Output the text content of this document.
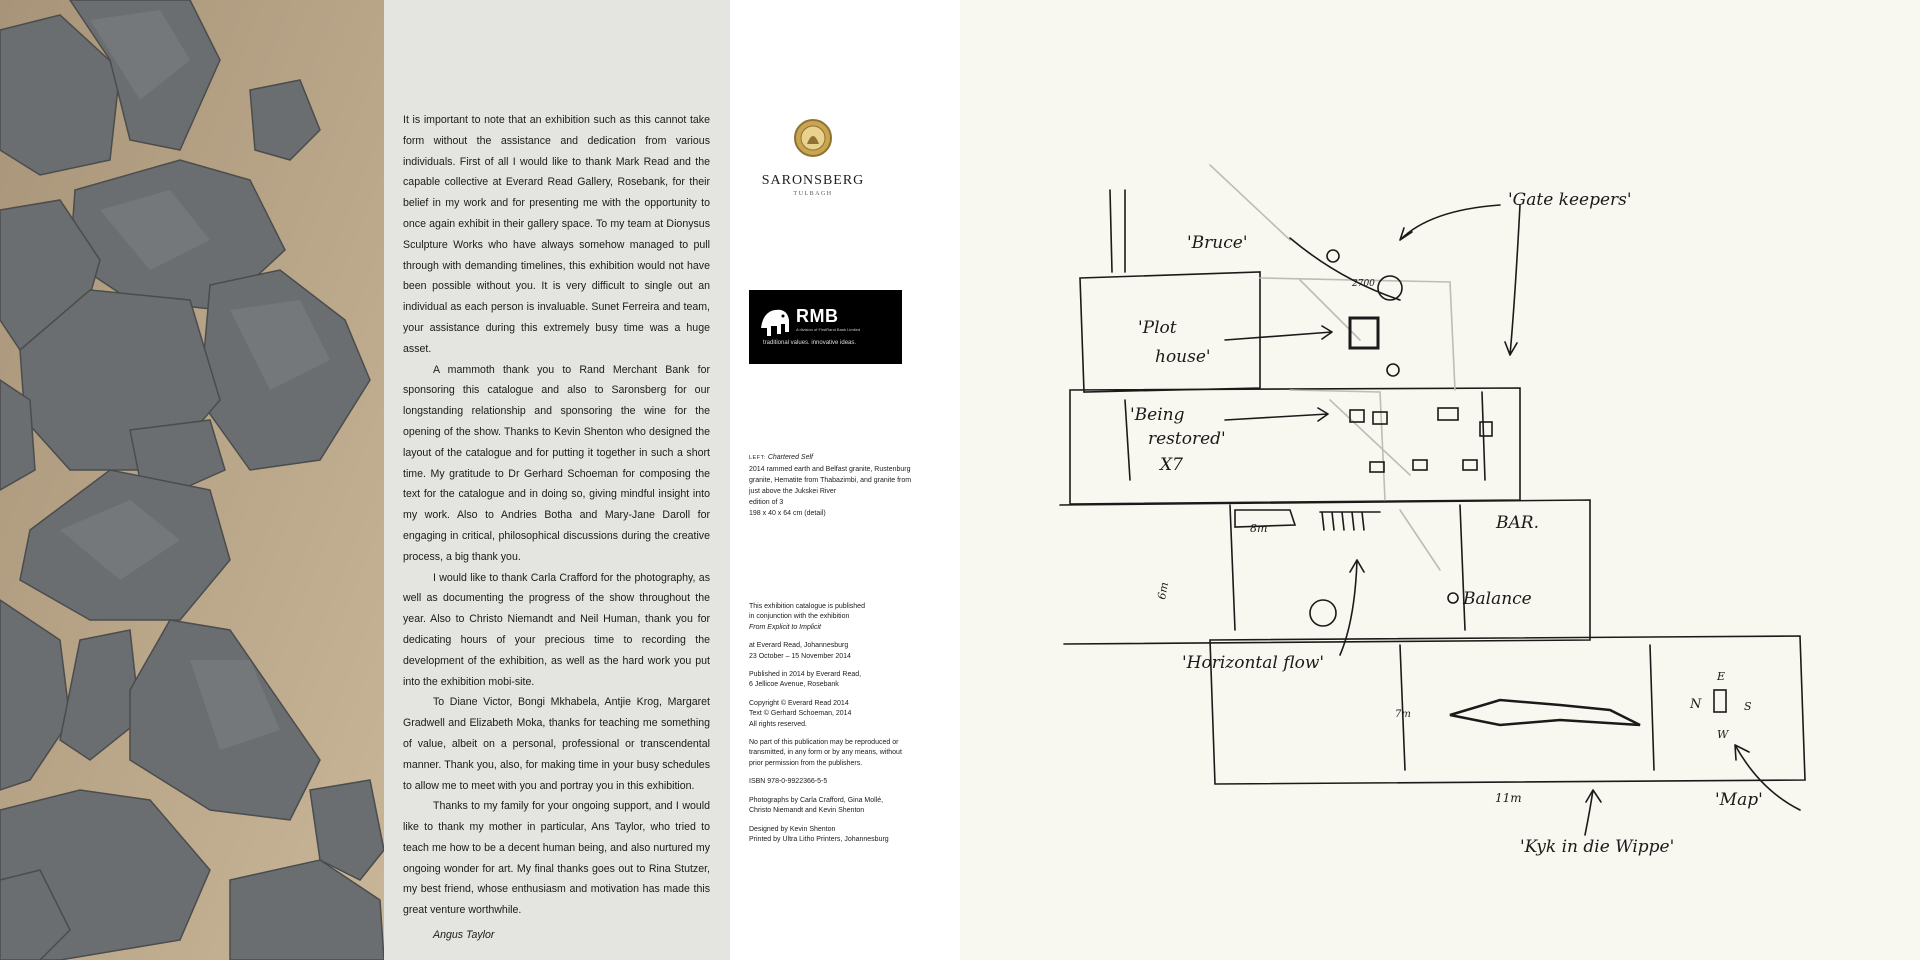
It is important to note that an exhibition such as this cannot take form without the assistance and dedication from various individuals. First of all I would like to thank Mark Read and the capable collective at Everard Read Gallery, Rosebank, for their belief in my work and for presenting me with the opportunity to once again exhibit in their gallery space. To my team at Dionysus Sculpture Works who have always somehow managed to pull through with demanding timelines, this exhibition would not have been possible without you. It is very difficult to single out an individual as each person is invaluable. Sunet Ferreira and team, your assistance during this extremely busy time was a huge asset.

A mammoth thank you to Rand Merchant Bank for sponsoring this catalogue and also to Saronsberg for our longstanding relationship and sponsoring the wine for the opening of the show. Thanks to Kevin Shenton who designed the layout of the catalogue and for putting it together in such a short time. My gratitude to Dr Gerhard Schoeman for composing the text for the catalogue and in doing so, giving mindful insight into my work. Also to Andries Botha and Mary-Jane Daroll for engaging in critical, philosophical discussions during the creative process, a big thank you.

I would like to thank Carla Crafford for the photography, as well as documenting the progress of the show throughout the year. Also to Christo Niemandt and Neil Human, thank you for dedicating hours of your precious time to recording the development of the exhibition, as well as the hard work you put into the exhibition mobi-site.

To Diane Victor, Bongi Mkhabela, Antjie Krog, Margaret Gradwell and Elizabeth Moka, thanks for teaching me something of value, albeit on a personal, professional or transcendental manner. Thank you, also, for making time in your busy schedules to allow me to meet with you and portray you in this exhibition.

Thanks to my family for your ongoing support, and I would like to thank my mother in particular, Ans Taylor, who tried to teach me how to be a decent human being, and also nurtured my ongoing wonder for art. My final thanks goes out to Rina Stutzer, my best friend, whose enthusiasm and motivation has made this great venture worthwhile.

Angus Taylor

SARONSBERG
TULBAGH
RMB
A division of FirstRand Bank Limited
traditional values. innovative ideas.
LEFT: Chartered Self
2014 rammed earth and Belfast granite, Rustenburg granite, Hematite from Thabazimbi, and granite from just above the Jukskei River
edition of 3
198 x 40 x 64 cm (detail)

This exhibition catalogue is published
in conjunction with the exhibition
From Explicit to Implicit

at Everard Read, Johannesburg
23 October – 15 November 2014

Published in 2014 by Everard Read,
6 Jellicoe Avenue, Rosebank

Copyright © Everard Read 2014
Text © Gerhard Schoeman, 2014
All rights reserved.

No part of this publication may be reproduced or
transmitted, in any form or by any means, without
prior permission from the publishers.

ISBN 978-0-9922366-5-5

Photographs by Carla Crafford, Gina Mollé,
Christo Niemandt and Kevin Shenton

Designed by Kevin Shenton
Printed by Ultra Litho Printers, Johannesburg

'Gate keepers'
'Bruce'
2700
'Plot
house'
'Being
restored'
X7
8m	BAR.
6m	Balance
'Horizontal flow'
7m
11m
N
E
S
W
'Map'
'Kyk in die Wippe'
